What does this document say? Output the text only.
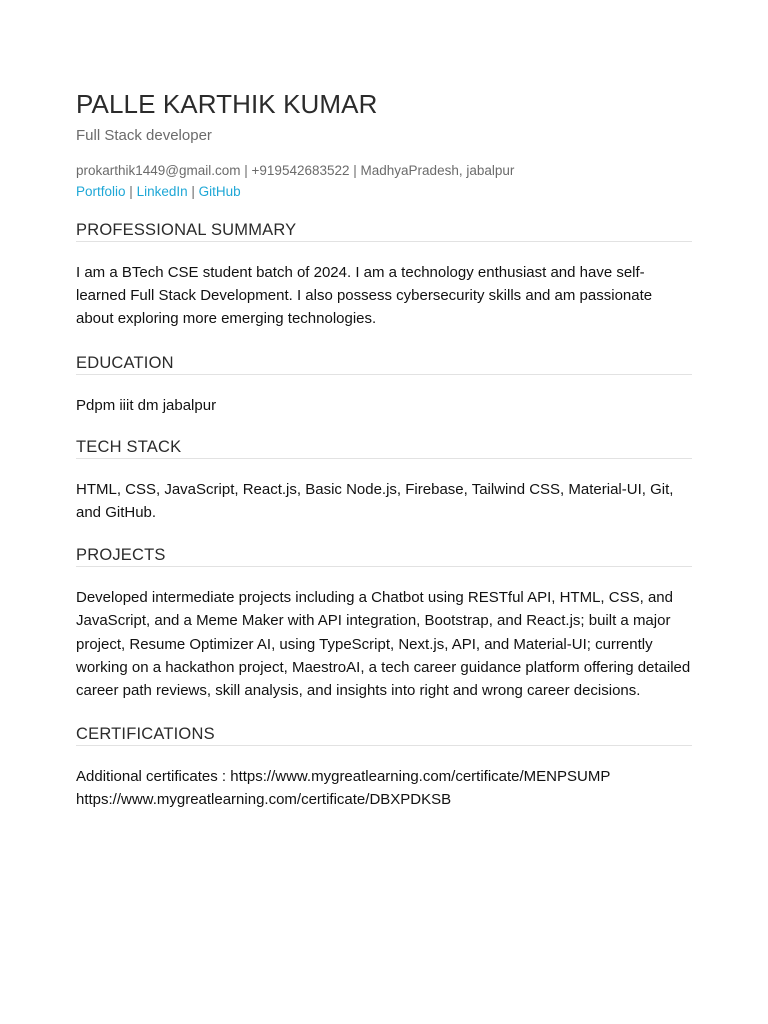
PALLE KARTHIK KUMAR
Full Stack developer
prokarthik1449@gmail.com | +919542683522 | MadhyaPradesh, jabalpur
Portfolio | LinkedIn | GitHub
PROFESSIONAL SUMMARY

I am a BTech CSE student batch of 2024. I am a technology enthusiast and have self-learned Full Stack Development. I also possess cybersecurity skills and am passionate about exploring more emerging technologies.

EDUCATION

Pdpm iiit dm jabalpur

TECH STACK

HTML, CSS, JavaScript, React.js, Basic Node.js, Firebase, Tailwind CSS, Material-UI, Git, and GitHub.

PROJECTS

Developed intermediate projects including a Chatbot using RESTful API, HTML, CSS, and JavaScript, and a Meme Maker with API integration, Bootstrap, and React.js; built a major project, Resume Optimizer AI, using TypeScript, Next.js, API, and Material-UI; currently working on a hackathon project, MaestroAI, a tech career guidance platform offering detailed career path reviews, skill analysis, and insights into right and wrong career decisions.

CERTIFICATIONS
Additional certificates : https://www.mygreatlearning.com/certificate/MENPSUMP
https://www.mygreatlearning.com/certificate/DBXPDKSB
